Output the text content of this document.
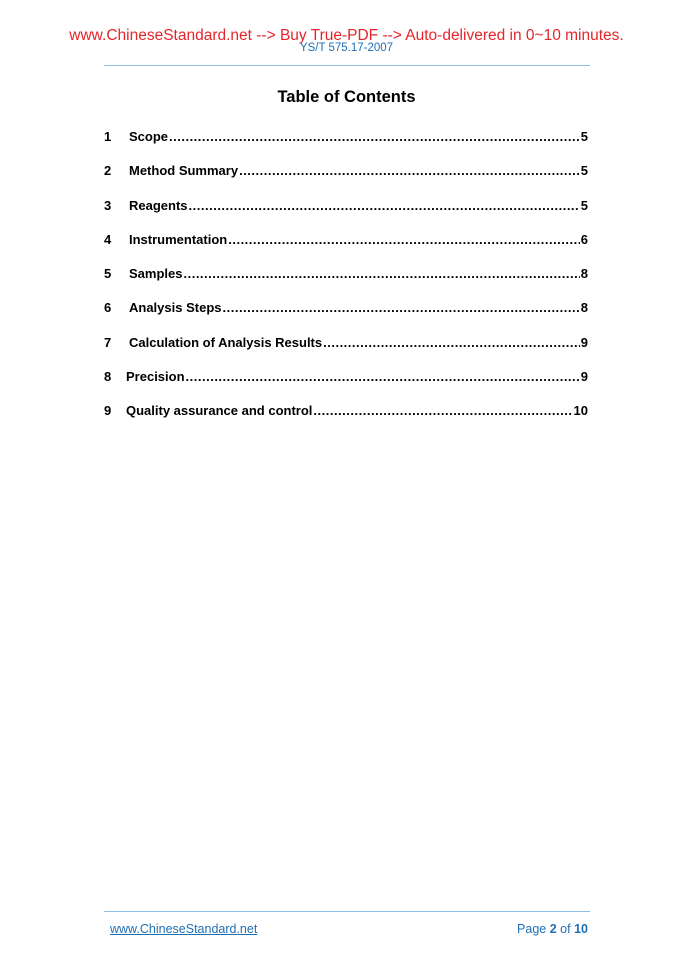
www.ChineseStandard.net --> Buy True-PDF --> Auto-delivered in 0~10 minutes.
YS/T 575.17-2007
Table of Contents
1	Scope .....	5
2	Method Summary .....	5
3	Reagents .....	5
4	Instrumentation .....	6
5	Samples .....	8
6	Analysis Steps .....	8
7	Calculation of Analysis Results .....	9
8	Precision .....	9
9	Quality assurance and control .....	10
www.ChineseStandard.net	Page 2 of 10
